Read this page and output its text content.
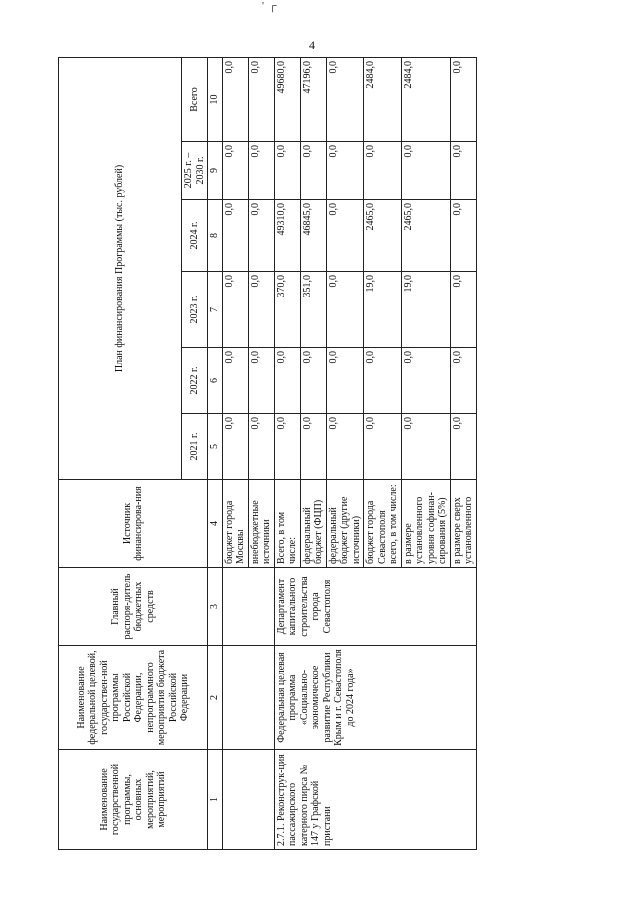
' ┌
4
Наименование государственной программы, основных мероприятий, мероприятий	Наименование федеральной целевой, государствен-ной программы Российской Федерации, непрограммного мероприятия бюджета Российской Федерации	Главный распоря-дитель бюджетных средств	Источник финансирова-ния	План финансирования Программы (тыс. рублей)					
				2021 г.	2022 г.	2023 г.	2024 г.	2025 г. – 2030 г.	Всего
1	2	3	4	5	6	7	8	9	10
			бюджет города Москвы	0,0	0,0	0,0	0,0	0,0	0,0
			внебюджетные источники	0,0	0,0	0,0	0,0	0,0	0,0
2.7.1. Реконструк-ция пассажирского катерного пирса № 147 у Графской пристани	Федеральная целевая программа «Социально-экономическое развитие Республики Крым и г. Севастополя до 2024 года»	Департамент капитального строительства города Севастополя	Всего, в том числе:	0,0	0,0	370,0	49310,0	0,0	49680,0
			федеральный бюджет (ФЦП)	0,0	0,0	351,0	46845,0	0,0	47196,0
			федеральный бюджет (другие источники)	0,0	0,0	0,0	0,0	0,0	0,0
			бюджет города Севастополя всего, в том числе:	0,0	0,0	19,0	2465,0	0,0	2484,0
			в размере установленного уровня софинан-сирования (5%)	0,0	0,0	19,0	2465,0	0,0	2484,0
			в размере сверх установленного	0,0	0,0	0,0	0,0	0,0	0,0
